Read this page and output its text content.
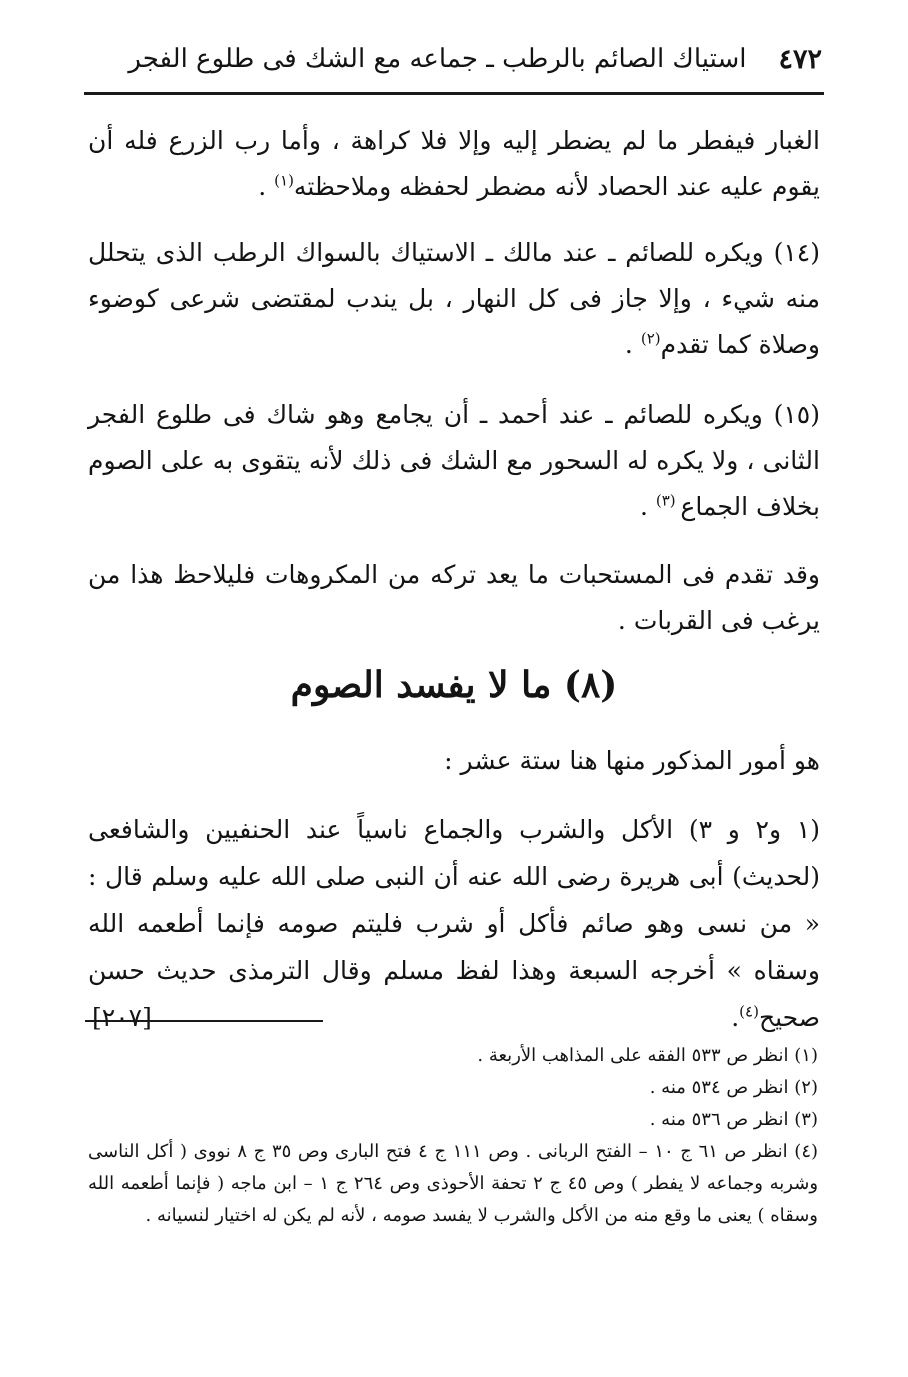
٤٧٢
استياك الصائم بالرطب ـ جماعه مع الشك فى طلوع الفجر

الغبار فيفطر ما لم يضطر إليه وإلا فلا كراهة ، وأما رب الزرع فله أن يقوم عليه عند الحصاد لأنه مضطر لحفظه وملاحظته$^{(١)}$ .

(١٤) ويكره للصائم ـ عند مالك ـ الاستياك بالسواك الرطب الذى يتحلل منه شيء ، وإلا جاز فى كل النهار ، بل يندب لمقتضى شرعى كوضوء وصلاة كما تقدم$^{(٢)}$ .

(١٥) ويكره للصائم ـ عند أحمد ـ أن يجامع وهو شاك فى طلوع الفجر الثانى ، ولا يكره له السحور مع الشك فى ذلك لأنه يتقوى به على الصوم بخلاف الجماع $^{(٣)}$ .

وقد تقدم فى المستحبات ما يعد تركه من المكروهات فليلاحظ هذا من يرغب فى القربات .

(٨) ما لا يفسد الصوم

هو أمور المذكور منها هنا ستة عشر :

(١ و٢ و ٣) الأكل والشرب والجماع ناسياً عند الحنفيين والشافعى (لحديث) أبى هريرة رضى الله عنه أن النبى صلى الله عليه وسلم قال : « من نسى وهو صائم فأكل أو شرب فليتم صومه فإنما أطعمه الله وسقاه » أخرجه السبعة وهذا لفظ مسلم وقال الترمذى حديث حسن صحيح$^{(٤)}$.
[٢٠٧]

(١) انظر ص ٥٣٣ الفقه على المذاهب الأربعة .

(٢) انظر ص ٥٣٤ منه .

(٣) انظر ص ٥٣٦ منه .

(٤) انظر ص ٦١ ج ١٠ – الفتح الربانى . وص ١١١ ج ٤ فتح البارى وص ٣٥ ج ٨ نووى ( أكل الناسى وشربه وجماعه لا يفطر ) وص ٤٥ ج ٢ تحفة الأحوذى وص ٢٦٤ ج ١ – ابن ماجه ( فإنما أطعمه الله وسقاه ) يعنى ما وقع منه من الأكل والشرب لا يفسد صومه ، لأنه لم يكن له اختيار لنسيانه .
